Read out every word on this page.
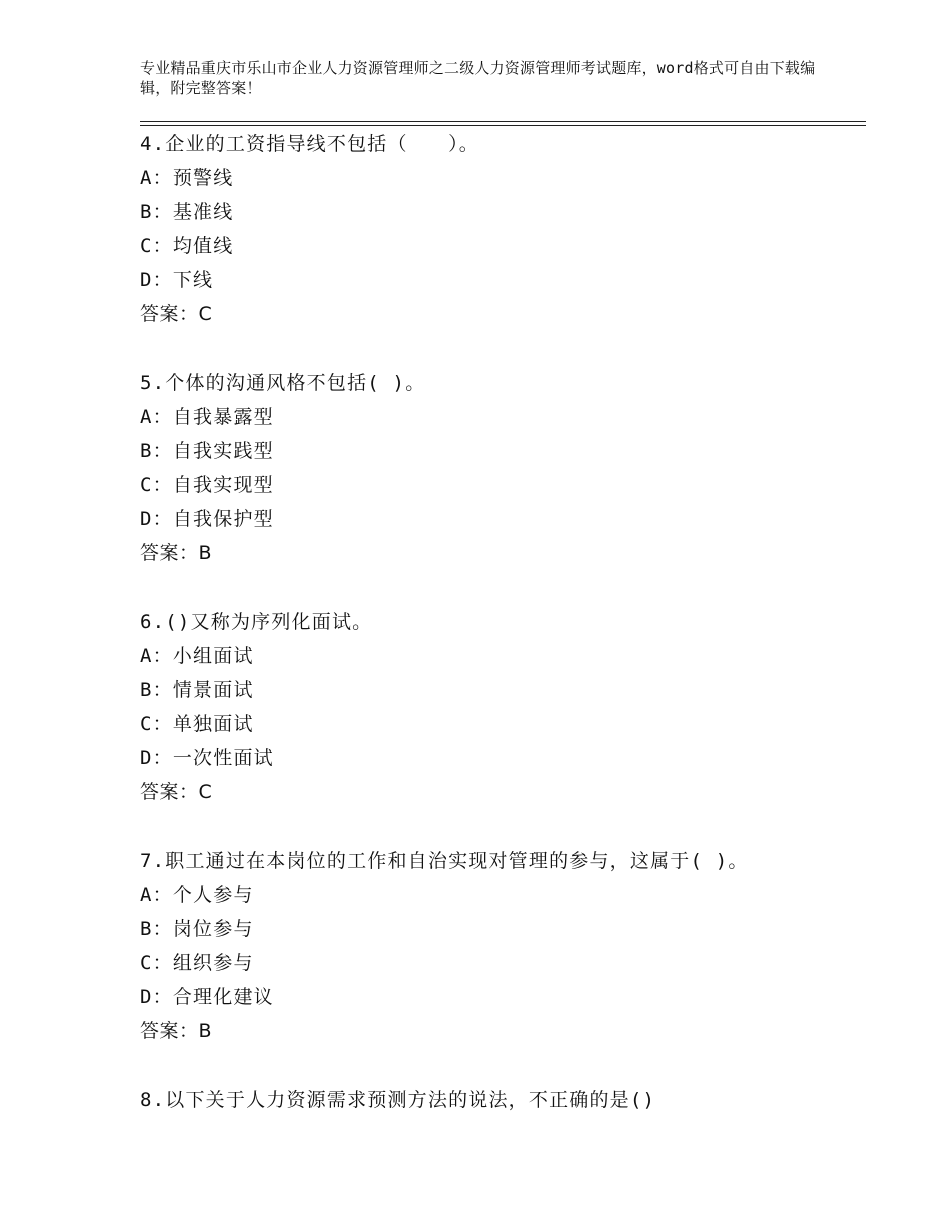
专业精品重庆市乐山市企业人力资源管理师之二级人力资源管理师考试题库，word格式可自由下载编辑，附完整答案！
4.企业的工资指导线不包括（　　）。
A：预警线
B：基准线
C：均值线
D：下线
答案：C
5.个体的沟通风格不包括( )。
A：自我暴露型
B：自我实践型
C：自我实现型
D：自我保护型
答案：B
6.()又称为序列化面试。
A：小组面试
B：情景面试
C：单独面试
D：一次性面试
答案：C
7.职工通过在本岗位的工作和自治实现对管理的参与，这属于( )。
A：个人参与
B：岗位参与
C：组织参与
D：合理化建议
答案：B
8.以下关于人力资源需求预测方法的说法，不正确的是()
